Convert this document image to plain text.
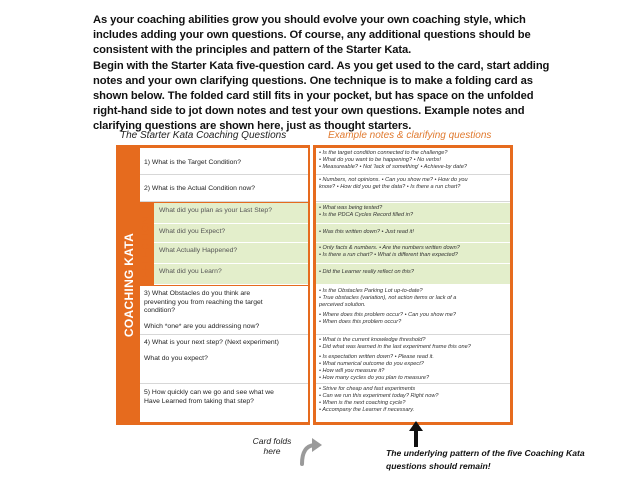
As your coaching abilities grow you should evolve your own coaching style, which includes adding your own questions. Of course, any additional questions should be consistent with the principles and pattern of the Starter Kata.
Begin with the Starter Kata five-question card. As you get used to the card, start adding notes and your own clarifying questions. One technique is to make a folding card as shown below. The folded card still fits in your pocket, but has space on the unfolded right-hand side to jot down notes and test your own questions. Example notes and clarifying questions are shown here, just as thought starters.
The Starter Kata Coaching Questions	Example notes & clarifying questions
COACHING KATA REFLECTION
1) What is the Target Condition?
2) What is the Actual Condition now?
What did you plan as your Last Step?
What did you Expect?
What Actually Happened?
What did you Learn?
3) What Obstacles do you think are
preventing you from reaching the target
condition?
Which *one* are you addressing now?
4) What is your next step? (Next experiment)
What do you expect?
5) How quickly can we go and see what we
Have Learned from taking that step?

• Is the target condition connected to the challenge?

• What do you want to be happening? • No verbs!

• Measureable? • Not 'lack of something' • Achieve-by date?

• Numbers, not opinions. • Can you show me? • How do you

know? • How did you get the data? • Is there a run chart?

• What was being tested?

• Is the PDCA Cycles Record filled in?

• Was this written down? • Just read it!

• Only facts & numbers. • Are the numbers written down?

• Is there a run chart? • What is different than expected?

• Did the Learner really reflect on this?

• Is the Obstacles Parking Lot up-to-date?

• True obstacles (variation), not action items or lack of a

perceived solution.

• Where does this problem occur? • Can you show me?

• When does this problem occur?

• What is the current knowledge threshold?

• Did what was learned in the last experiment frame this one?

• Is expectation written down? • Please read it.

• What numerical outcome do you expect?

• How will you measure it?

• How many cycles do you plan to measure?

• Strive for cheap and fast experiments

• Can we run this experiment today? Right now?

• When is the next coaching cycle?

• Accompany the Learner if necessary.

Card folds here	The underlying pattern of the five Coaching Kata questions should remain!
